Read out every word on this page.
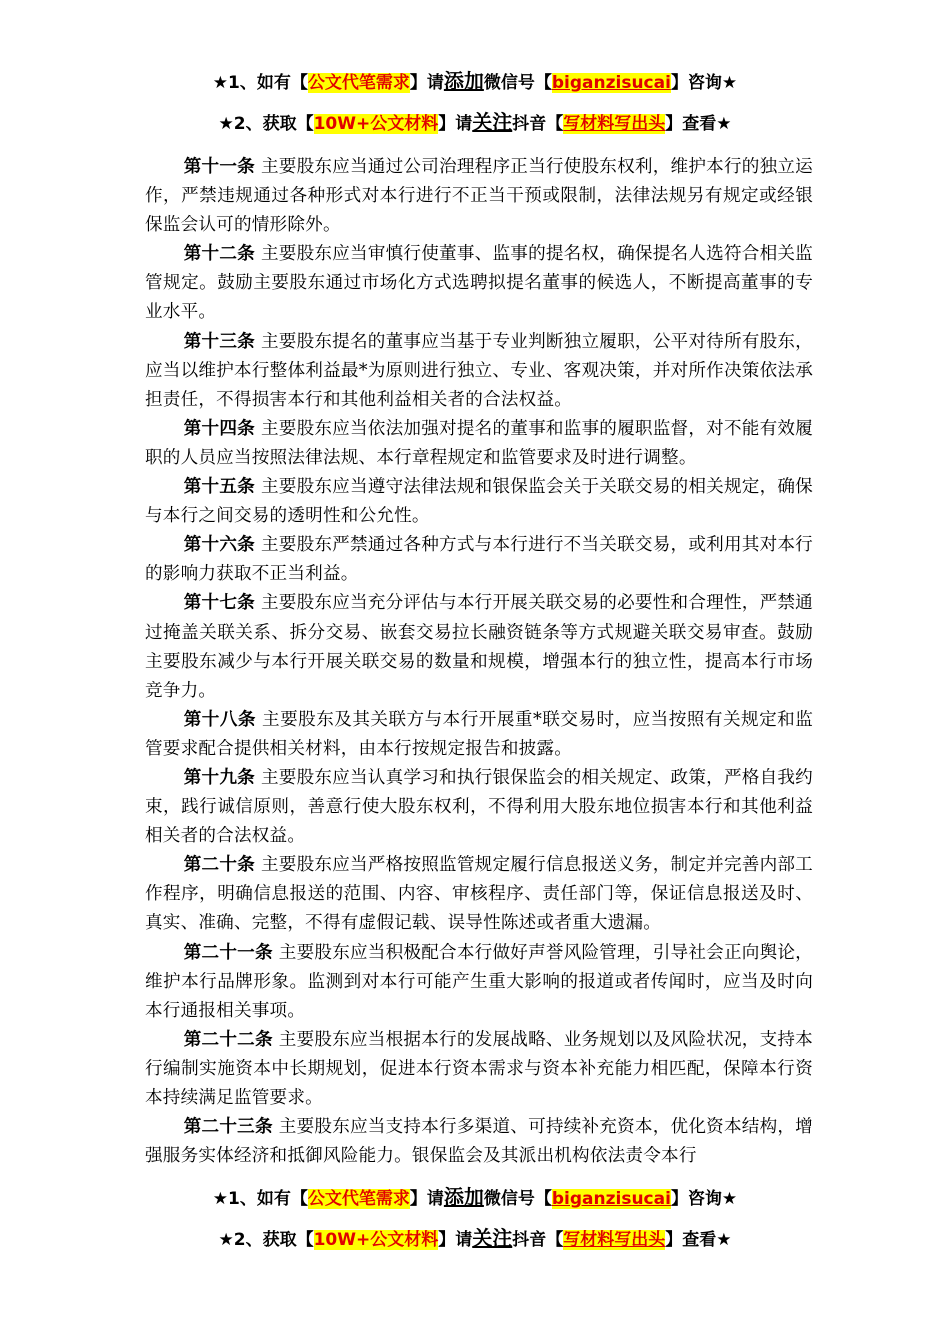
★1、如有【公文代笔需求】请添加微信号【biganzisucai】咨询★
★2、获取【10W+公文材料】请关注抖音【写材料写出头】查看★

第十一条 主要股东应当通过公司治理程序正当行使股东权利，维护本行的独立运作，严禁违规通过各种形式对本行进行不正当干预或限制，法律法规另有规定或经银保监会认可的情形除外。

第十二条 主要股东应当审慎行使董事、监事的提名权，确保提名人选符合相关监管规定。鼓励主要股东通过市场化方式选聘拟提名董事的候选人，不断提高董事的专业水平。

第十三条 主要股东提名的董事应当基于专业判断独立履职，公平对待所有股东，应当以维护本行整体利益最*为原则进行独立、专业、客观决策，并对所作决策依法承担责任，不得损害本行和其他利益相关者的合法权益。

第十四条 主要股东应当依法加强对提名的董事和监事的履职监督，对不能有效履职的人员应当按照法律法规、本行章程规定和监管要求及时进行调整。

第十五条 主要股东应当遵守法律法规和银保监会关于关联交易的相关规定，确保与本行之间交易的透明性和公允性。

第十六条 主要股东严禁通过各种方式与本行进行不当关联交易，或利用其对本行的影响力获取不正当利益。

第十七条 主要股东应当充分评估与本行开展关联交易的必要性和合理性，严禁通过掩盖关联关系、拆分交易、嵌套交易拉长融资链条等方式规避关联交易审查。鼓励主要股东减少与本行开展关联交易的数量和规模，增强本行的独立性，提高本行市场竞争力。

第十八条 主要股东及其关联方与本行开展重*联交易时，应当按照有关规定和监管要求配合提供相关材料，由本行按规定报告和披露。

第十九条 主要股东应当认真学习和执行银保监会的相关规定、政策，严格自我约束，践行诚信原则，善意行使大股东权利，不得利用大股东地位损害本行和其他利益相关者的合法权益。

第二十条 主要股东应当严格按照监管规定履行信息报送义务，制定并完善内部工作程序，明确信息报送的范围、内容、审核程序、责任部门等，保证信息报送及时、真实、准确、完整，不得有虚假记载、误导性陈述或者重大遗漏。

第二十一条 主要股东应当积极配合本行做好声誉风险管理，引导社会正向舆论，维护本行品牌形象。监测到对本行可能产生重大影响的报道或者传闻时，应当及时向本行通报相关事项。

第二十二条 主要股东应当根据本行的发展战略、业务规划以及风险状况，支持本行编制实施资本中长期规划，促进本行资本需求与资本补充能力相匹配，保障本行资本持续满足监管要求。

第二十三条 主要股东应当支持本行多渠道、可持续补充资本，优化资本结构，增强服务实体经济和抵御风险能力。银保监会及其派出机构依法责令本行

★1、如有【公文代笔需求】请添加微信号【biganzisucai】咨询★
★2、获取【10W+公文材料】请关注抖音【写材料写出头】查看★
